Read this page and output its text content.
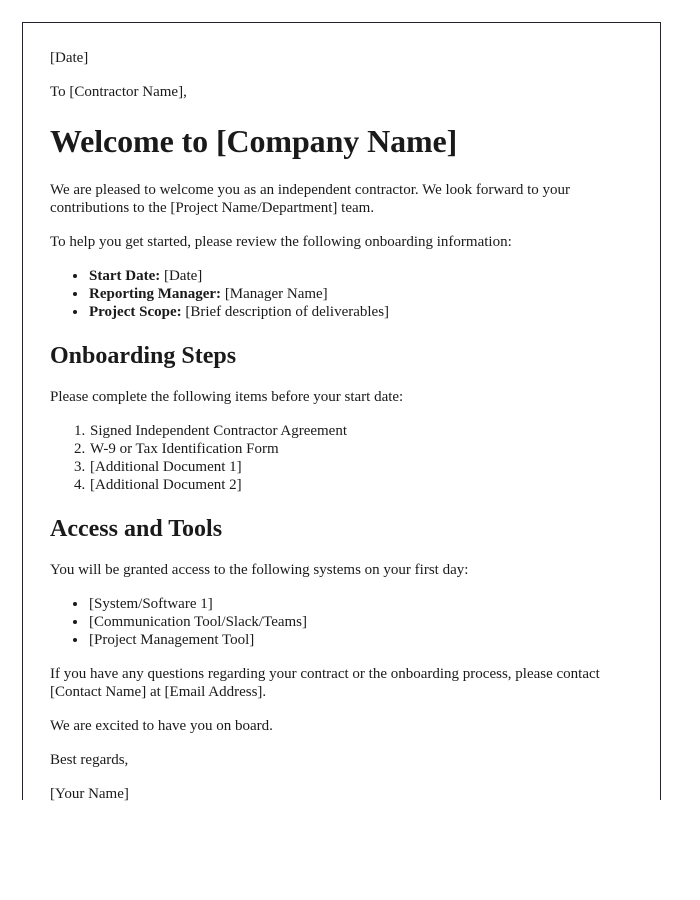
[Date]

To [Contractor Name],

Welcome to [Company Name]

We are pleased to welcome you as an independent contractor. We look forward to your contributions to the [Project Name/Department] team.

To help you get started, please review the following onboarding information:

• Start Date: [Date]
• Reporting Manager: [Manager Name]
• Project Scope: [Brief description of deliverables]
Onboarding Steps

Please complete the following items before your start date:

1. Signed Independent Contractor Agreement
2. W-9 or Tax Identification Form
3. [Additional Document 1]
4. [Additional Document 2]
Access and Tools

You will be granted access to the following systems on your first day:

• [System/Software 1]
• [Communication Tool/Slack/Teams]
• [Project Management Tool]

If you have any questions regarding your contract or the onboarding process, please contact [Contact Name] at [Email Address].

We are excited to have you on board.

Best regards,

[Your Name]
